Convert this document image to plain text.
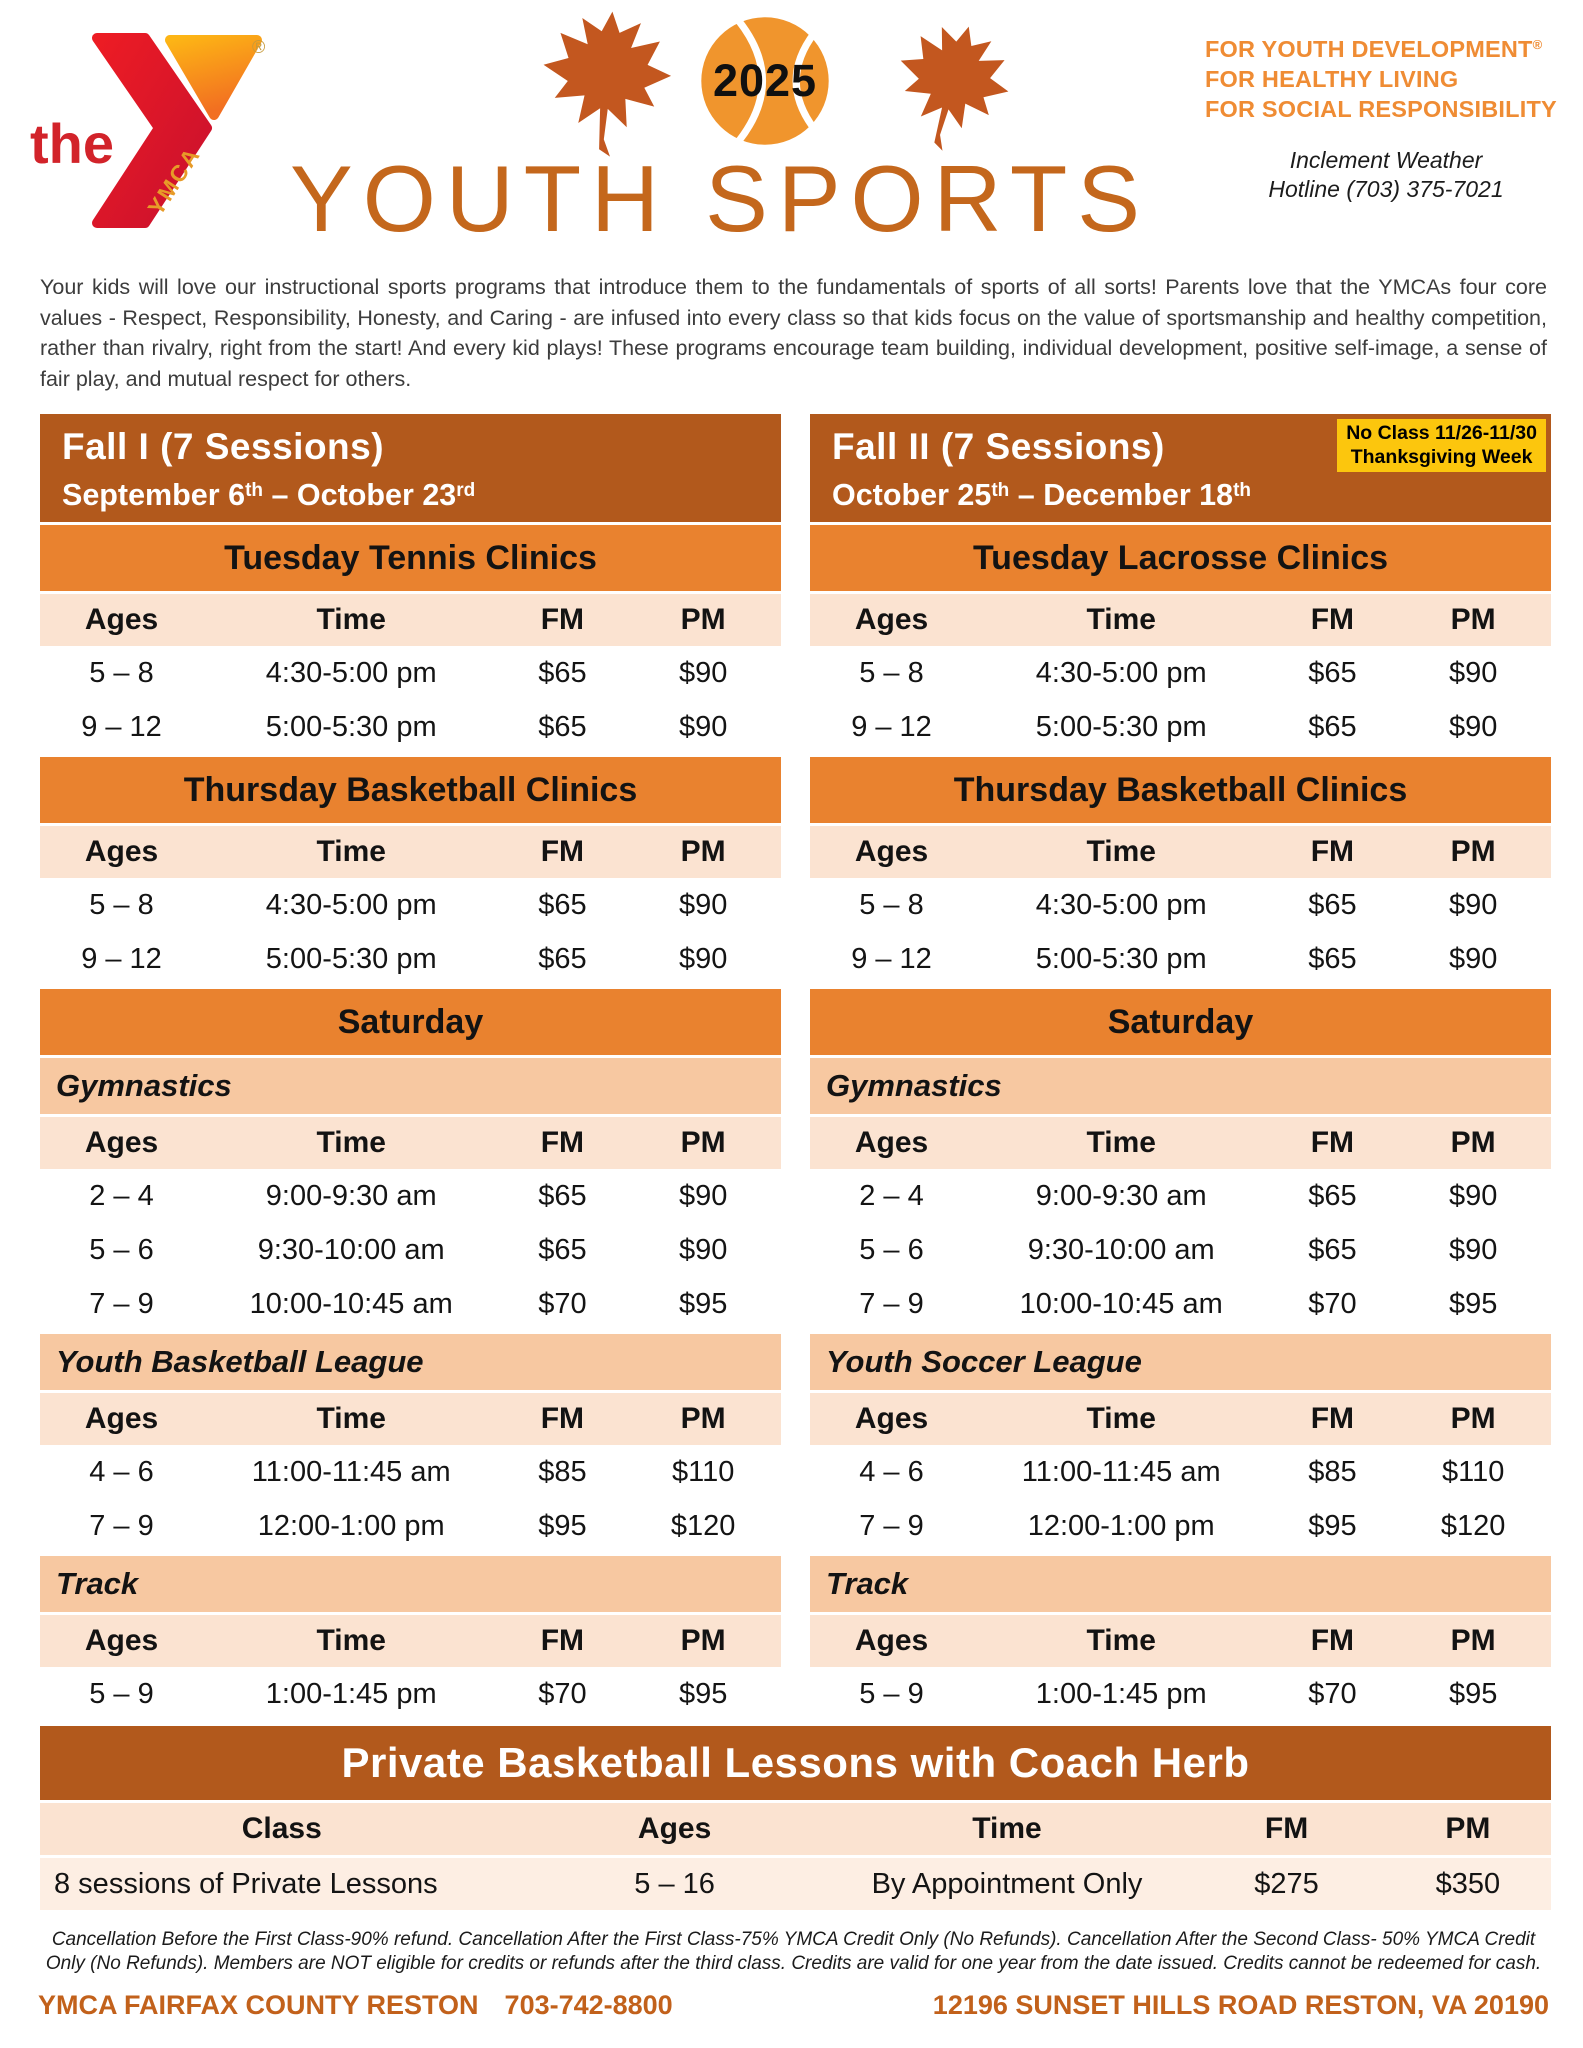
the YMCA
®
2025
YOUTH SPORTS
FOR YOUTH DEVELOPMENT®
FOR HEALTHY LIVING
FOR SOCIAL RESPONSIBILITY
Inclement Weather
Hotline (703) 375-7021

Your kids will love our instructional sports programs that introduce them to the fundamentals of sports of all sorts! Parents love that the YMCAs four core values - Respect, Responsibility, Honesty, and Caring - are infused into every class so that kids focus on the value of sportsmanship and healthy competition, rather than rivalry, right from the start! And every kid plays! These programs encourage team building, individual development, positive self-image, a sense of fair play, and mutual respect for others.

Fall I (7 Sessions)
September 6th – October 23rd
Tuesday Tennis Clinics
Ages	Time	FM	PM
5 – 8	4:30-5:00 pm	$65	$90
9 – 12	5:00-5:30 pm	$65	$90
Thursday Basketball Clinics
Ages	Time	FM	PM
5 – 8	4:30-5:00 pm	$65	$90
9 – 12	5:00-5:30 pm	$65	$90
Saturday
Gymnastics
Ages	Time	FM	PM
2 – 4	9:00-9:30 am	$65	$90
5 – 6	9:30-10:00 am	$65	$90
7 – 9	10:00-10:45 am	$70	$95
Youth Basketball League
Ages	Time	FM	PM
4 – 6	11:00-11:45 am	$85	$110
7 – 9	12:00-1:00 pm	$95	$120
Track
Ages	Time	FM	PM
5 – 9	1:00-1:45 pm	$70	$95
No Class 11/26-11/30
Thanksgiving Week
Fall II (7 Sessions)
October 25th – December 18th
Tuesday Lacrosse Clinics
Ages	Time	FM	PM
5 – 8	4:30-5:00 pm	$65	$90
9 – 12	5:00-5:30 pm	$65	$90
Thursday Basketball Clinics
Ages	Time	FM	PM
5 – 8	4:30-5:00 pm	$65	$90
9 – 12	5:00-5:30 pm	$65	$90
Saturday
Gymnastics
Ages	Time	FM	PM
2 – 4	9:00-9:30 am	$65	$90
5 – 6	9:30-10:00 am	$65	$90
7 – 9	10:00-10:45 am	$70	$95
Youth Soccer League
Ages	Time	FM	PM
4 – 6	11:00-11:45 am	$85	$110
7 – 9	12:00-1:00 pm	$95	$120
Track
Ages	Time	FM	PM
5 – 9	1:00-1:45 pm	$70	$95
Private Basketball Lessons with Coach Herb
Class	Ages	Time	FM	PM
8 sessions of Private Lessons	5 – 16	By Appointment Only	$275	$350

Cancellation Before the First Class-90% refund. Cancellation After the First Class-75% YMCA Credit Only (No Refunds). Cancellation After the Second Class- 50% YMCA Credit Only (No Refunds). Members are NOT eligible for credits or refunds after the third class. Credits are valid for one year from the date issued. Credits cannot be redeemed for cash.

YMCA FAIRFAX COUNTY RESTON 703-742-8800	12196 SUNSET HILLS ROAD RESTON, VA 20190
